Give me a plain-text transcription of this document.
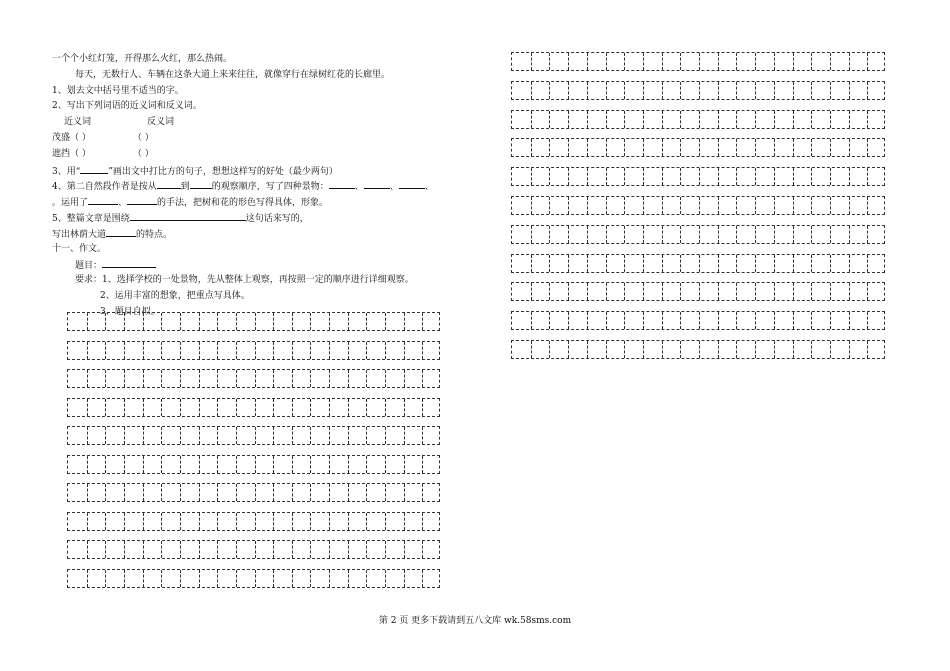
一个个小红灯笼，开得那么火红，那么热闹。
每天，无数行人、车辆在这条大道上来来往往，就像穿行在绿树红花的长廊里。
1、划去文中括号里不适当的字。
2、写出下列词语的近义词和反义词。
近义词	反义词
茂盛（ ）	（ ）
遮挡（ ）	（ ）
3、用“	”画出文中打比方的句子，想想这样写的好处（最少两句）
4、第二自然段作者是按从	到 的观察顺序，写了四种景物：	、	、	、
。运用了	、	的手法，把树和花的形色写得具体，形象。
5、整篇文章是围绕	这句话来写的，
写出林荫大道	的特点。
十一、作文。
题目：
要求：1、选择学校的一处景物，先从整体上观察，再按照一定的顺序进行详细观察。
2、运用丰富的想象，把重点写具体。
3、题目自拟。
第 2 页 更多下载请到五八文库 wk.58sms.com
